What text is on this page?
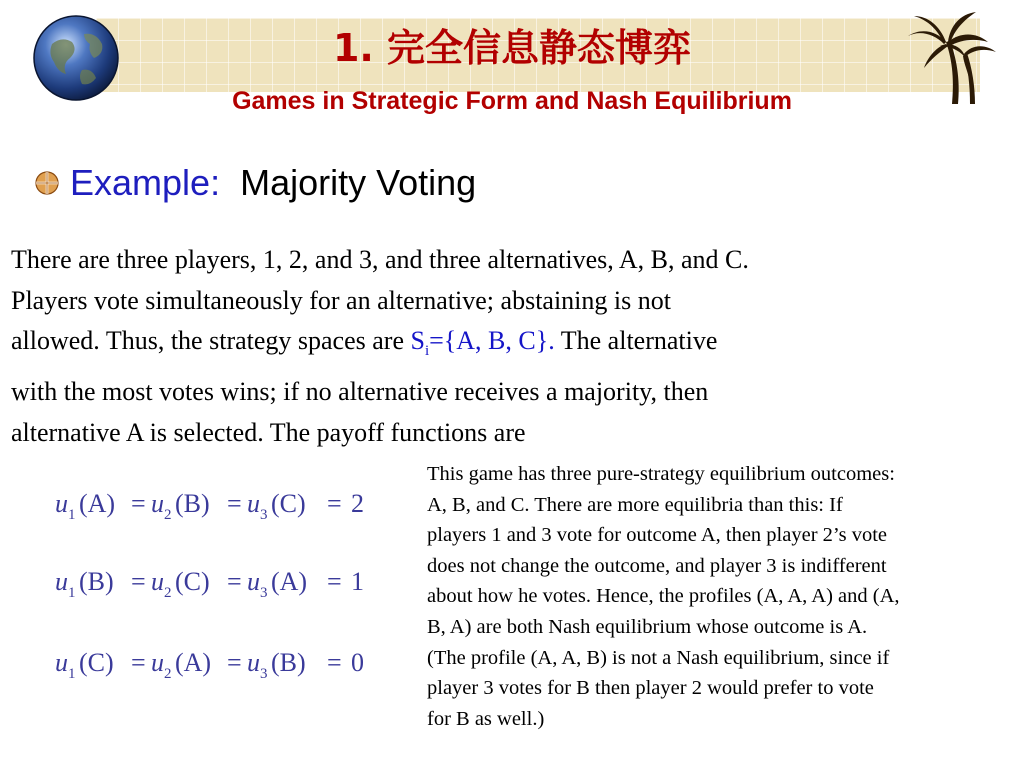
1. 完全信息静态博弈
Games in Strategic Form and Nash Equilibrium
Example: Majority Voting
There are three players, 1, 2, and 3, and three alternatives, A, B, and C.
Players vote simultaneously for an alternative; abstaining is not
allowed. Thus, the strategy spaces are $S_i=\{A$, B, C}. The alternative
with the most votes wins; if no alternative receives a majority, then
alternative A is selected. The payoff functions are
u 1 (A) = u 2 (B) = u 3 (C) = 2
u 1 (B) = u 2 (C) = u 3 (A) = 1
u 1 (C) = u 2 (A) = u 3 (B) = 0
This game has three pure-strategy equilibrium outcomes:
A, B, and C. There are more equilibria than this: If
players 1 and 3 vote for outcome A, then player 2’s vote
does not change the outcome, and player 3 is indifferent
about how he votes. Hence, the profiles (A, A, A) and (A,
B, A) are both Nash equilibrium whose outcome is A.
(The profile (A, A, B) is not a Nash equilibrium, since if
player 3 votes for B then player 2 would prefer to vote
for B as well.)
